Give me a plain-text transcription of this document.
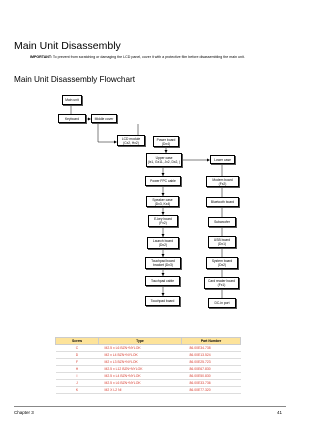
Main Unit Disassembly
IMPORTANT: To prevent from scratching or damaging the LCD panel, cover it with a protective film before disassembling the main unit.
Main Unit Disassembly Flowchart
Main unit
Keyboard	Middle cover
LCD module
(Cx2, Hx2)
Power board
(Dx4)
Upper case
(Ix1, Gx11, Jx2, Dx2, )
Lower case
Power FPC cable	Modem board
(Fx2)
Speaker case
(Dx3, Kx4)	Bluetooth board
E-key board
(Fx2)	Subwoofer
Launch board
(Dx2)
USB board
(Dx1)
Touchpad board
bracket (Dx3)
System board
(Dx2)
Touchpad cable	Card reader board
(Fx1)
Touchpad board	DC-in port
Screw	Type	Part Number
C	M2.5 x L6 BZN+NYLOK	86.00E34.738
D	M2 x L4 BZN+NYLOK	86.00E13.524
F	M2 x L3 BZN+NYLOK	86.00E25.723
H	M2.5 x L12 BZN+NYLOK	86.00E67.830
I	M2.5 x L4 BZN+NYLOK	86.00E50.830
J	M2.5 x L6 BZN+NYLOK	86.00E33.736
K	M2 X L2 NI	86.00E77.320
Chapter 3	41
